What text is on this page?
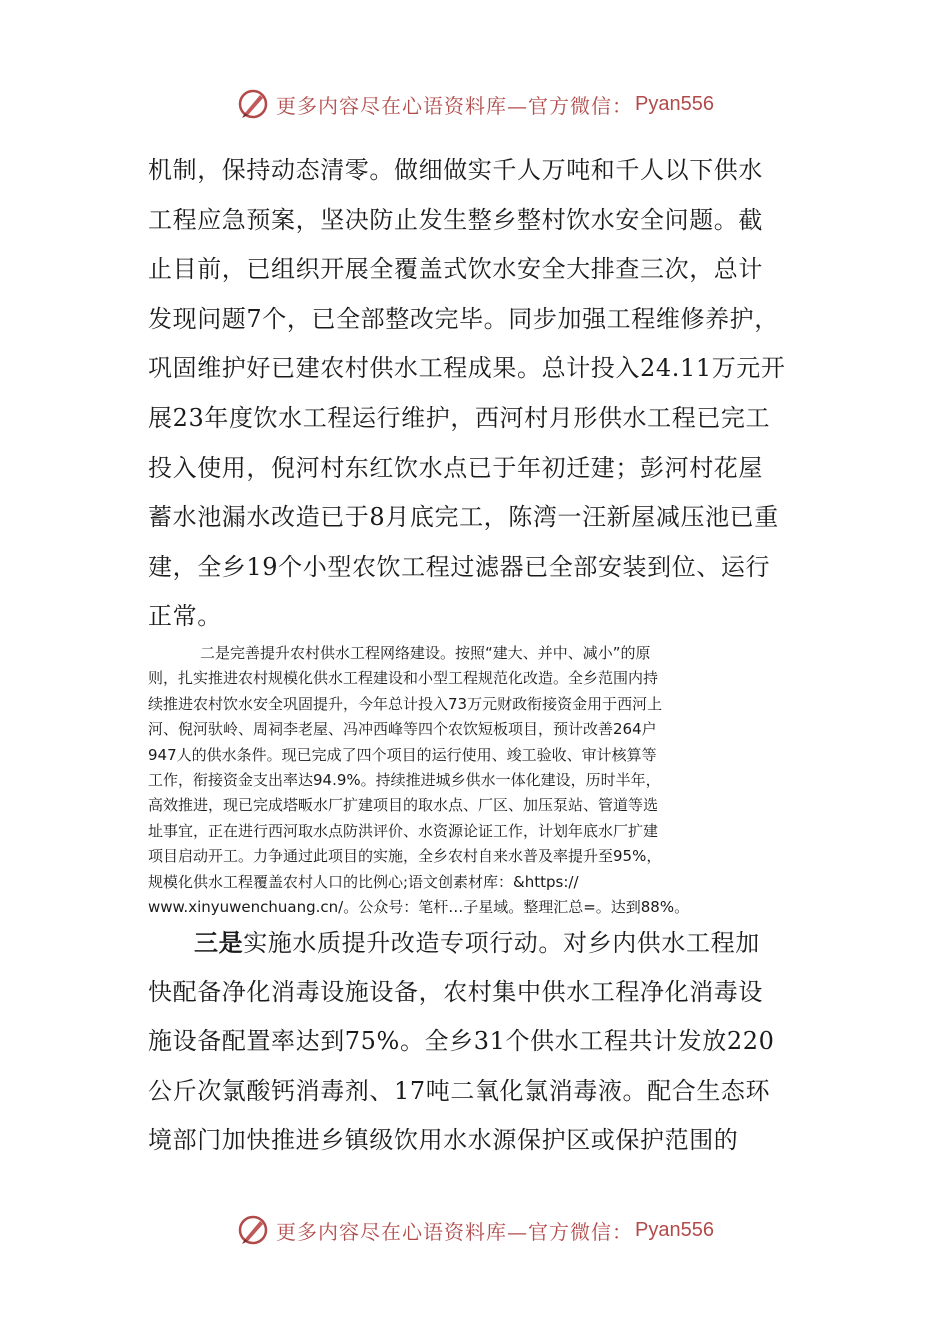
更多内容尽在心语资料库—官方微信： Pyan556
机制，保持动态清零。做细做实千人万吨和千人以下供水
工程应急预案，坚决防止发生整乡整村饮水安全问题。截
止目前，已组织开展全覆盖式饮水安全大排查三次，总计
发现问题7个，已全部整改完毕。同步加强工程维修养护，
巩固维护好已建农村供水工程成果。总计投入24.11万元开
展23年度饮水工程运行维护，西河村月形供水工程已完工
投入使用，倪河村东红饮水点已于年初迁建；彭河村花屋
蓄水池漏水改造已于8月底完工，陈湾一汪新屋减压池已重
建，全乡19个小型农饮工程过滤器已全部安装到位、运行
正常。
二是完善提升农村供水工程网络建设。按照“建大、并中、减小”的原
则，扎实推进农村规模化供水工程建设和小型工程规范化改造。全乡范围内持
续推进农村饮水安全巩固提升，今年总计投入73万元财政衔接资金用于西河上
河、倪河驮岭、周祠李老屋、冯冲西峰等四个农饮短板项目，预计改善264户
947人的供水条件。现已完成了四个项目的运行使用、竣工验收、审计核算等
工作，衔接资金支出率达94.9%。持续推进城乡供水一体化建设，历时半年，
高效推进，现已完成塔畈水厂扩建项目的取水点、厂区、加压泵站、管道等选
址事宜，正在进行西河取水点防洪评价、水资源论证工作，计划年底水厂扩建
项目启动开工。力争通过此项目的实施，全乡农村自来水普及率提升至95%，
规模化供水工程覆盖农村人口的比例心;语文创素材库：&https://
www.xinyuwenchuang.cn/。公众号：笔杆…子星域。整理汇总=。达到88%。
三是实施水质提升改造专项行动。对乡内供水工程加
快配备净化消毒设施设备，农村集中供水工程净化消毒设
施设备配置率达到75%。全乡31个供水工程共计发放220
公斤次氯酸钙消毒剂、17吨二氧化氯消毒液。配合生态环
境部门加快推进乡镇级饮用水水源保护区或保护范围的
更多内容尽在心语资料库—官方微信： Pyan556
